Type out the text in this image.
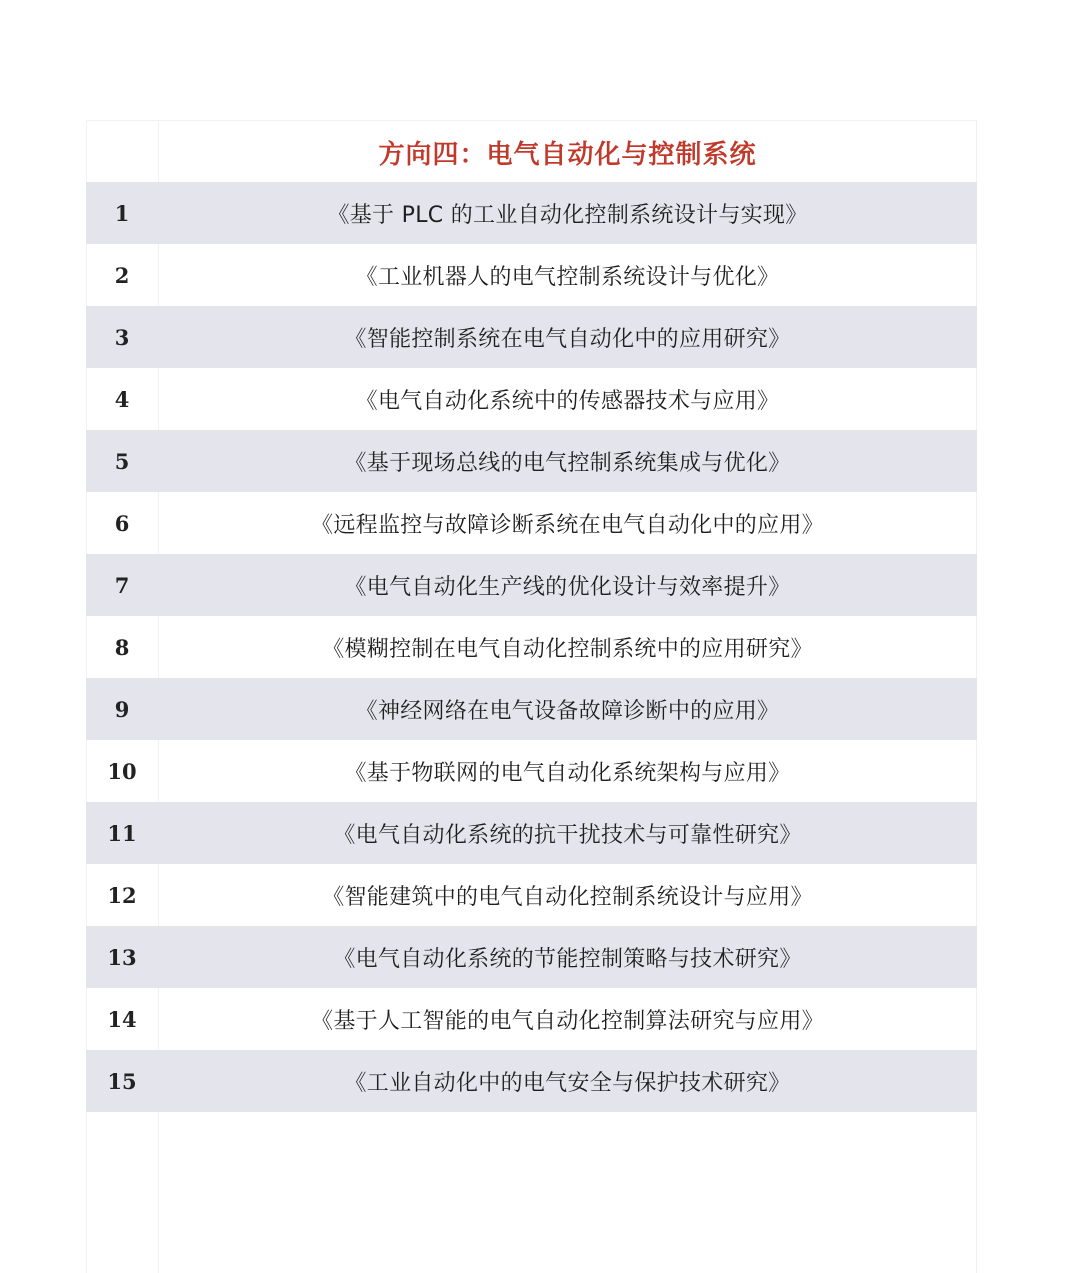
方向四：电气自动化与控制系统
1	《基于 PLC 的工业自动化控制系统设计与实现》
2	《工业机器人的电气控制系统设计与优化》
3	《智能控制系统在电气自动化中的应用研究》
4	《电气自动化系统中的传感器技术与应用》
5	《基于现场总线的电气控制系统集成与优化》
6	《远程监控与故障诊断系统在电气自动化中的应用》
7	《电气自动化生产线的优化设计与效率提升》
8	《模糊控制在电气自动化控制系统中的应用研究》
9	《神经网络在电气设备故障诊断中的应用》
10	《基于物联网的电气自动化系统架构与应用》
11	《电气自动化系统的抗干扰技术与可靠性研究》
12	《智能建筑中的电气自动化控制系统设计与应用》
13	《电气自动化系统的节能控制策略与技术研究》
14	《基于人工智能的电气自动化控制算法研究与应用》
15	《工业自动化中的电气安全与保护技术研究》
